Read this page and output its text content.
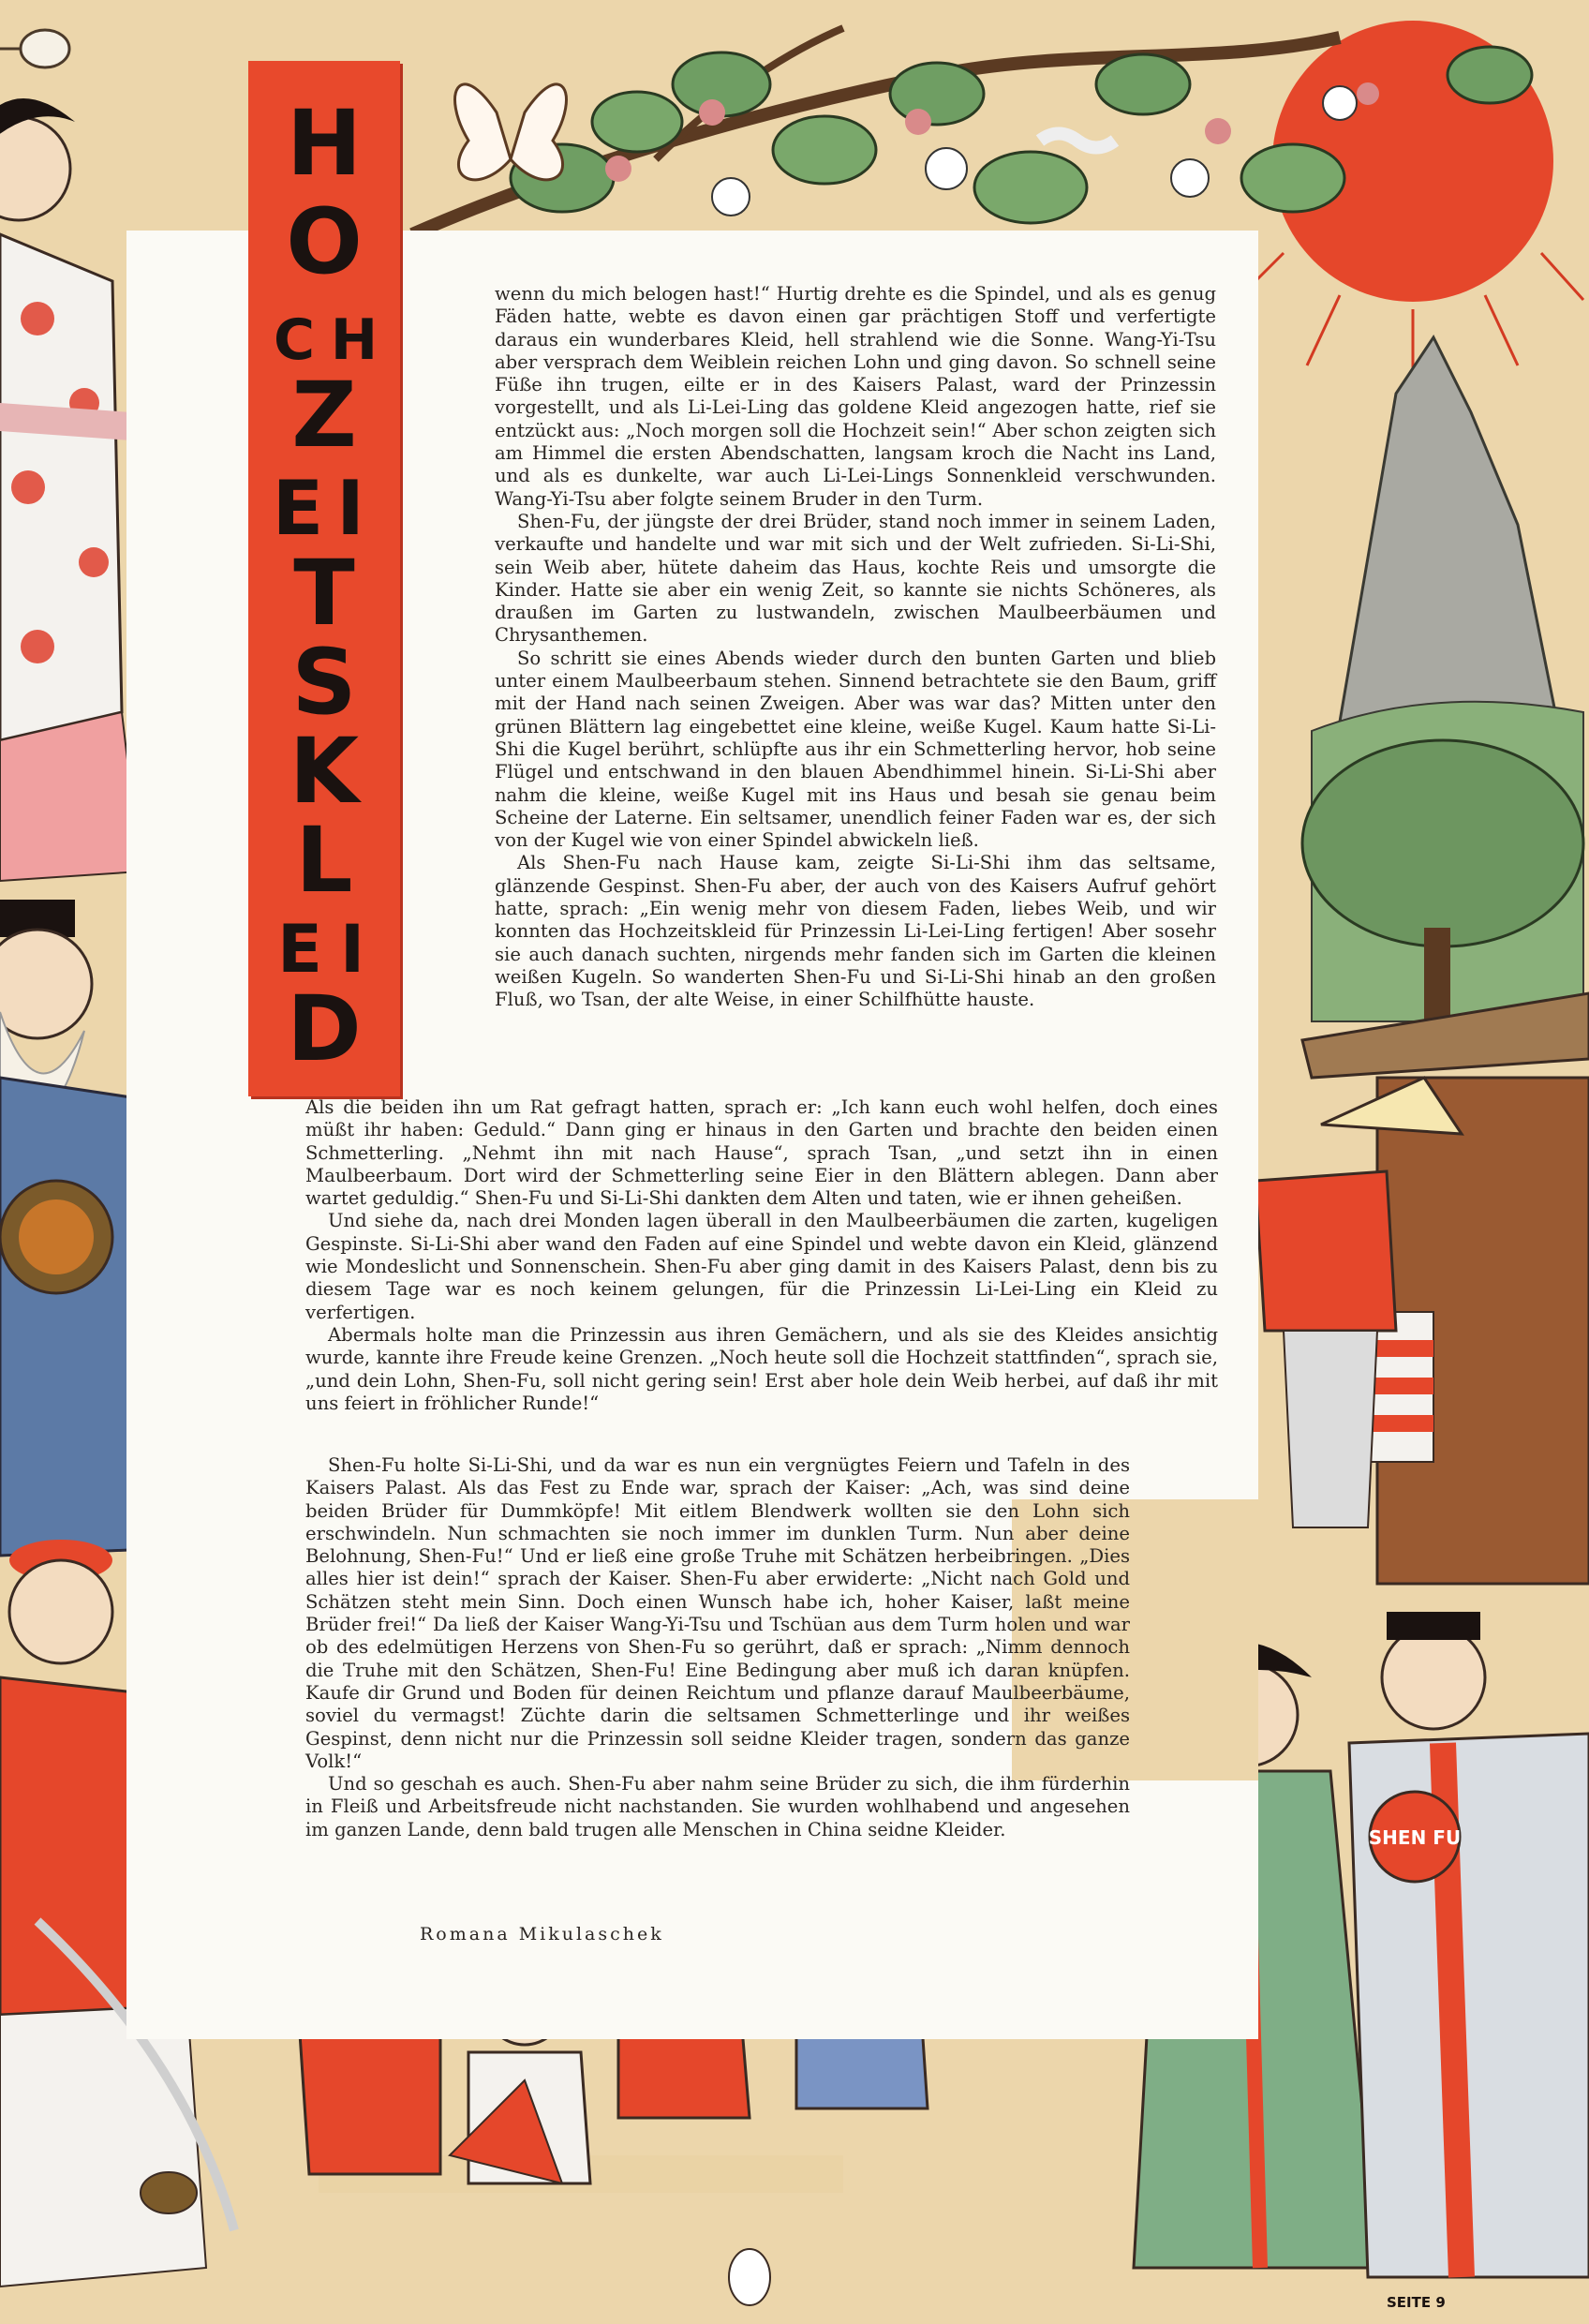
SHEN FU
H
O
C H
Z
E I
T
S
K
L
E I
D

wenn du mich belogen hast!“ Hurtig drehte es die Spindel, und als es genug Fäden hatte, webte es davon einen gar prächtigen Stoff und verfertigte daraus ein wunderbares Kleid, hell strahlend wie die Sonne. Wang-Yi-Tsu aber versprach dem Weiblein reichen Lohn und ging davon. So schnell seine Füße ihn trugen, eilte er in des Kaisers Palast, ward der Prinzessin vorgestellt, und als Li-Lei-Ling das goldene Kleid angezogen hatte, rief sie entzückt aus: „Noch morgen soll die Hochzeit sein!“ Aber schon zeigten sich am Himmel die ersten Abendschatten, langsam kroch die Nacht ins Land, und als es dunkelte, war auch Li-Lei-Lings Sonnenkleid verschwunden. Wang-Yi-Tsu aber folgte seinem Bruder in den Turm.

Shen-Fu, der jüngste der drei Brüder, stand noch immer in seinem Laden, verkaufte und handelte und war mit sich und der Welt zufrieden. Si-Li-Shi, sein Weib aber, hütete daheim das Haus, kochte Reis und umsorgte die Kinder. Hatte sie aber ein wenig Zeit, so kannte sie nichts Schöneres, als draußen im Garten zu lustwandeln, zwischen Maulbeerbäumen und Chrysanthemen.

So schritt sie eines Abends wieder durch den bunten Garten und blieb unter einem Maulbeerbaum stehen. Sinnend betrachtete sie den Baum, griff mit der Hand nach seinen Zweigen. Aber was war das? Mitten unter den grünen Blättern lag eingebettet eine kleine, weiße Kugel. Kaum hatte Si-Li-Shi die Kugel berührt, schlüpfte aus ihr ein Schmetterling hervor, hob seine Flügel und entschwand in den blauen Abendhimmel hinein. Si-Li-Shi aber nahm die kleine, weiße Kugel mit ins Haus und besah sie genau beim Scheine der Laterne. Ein seltsamer, unendlich feiner Faden war es, der sich von der Kugel wie von einer Spindel abwickeln ließ.

Als Shen-Fu nach Hause kam, zeigte Si-Li-Shi ihm das seltsame, glänzende Gespinst. Shen-Fu aber, der auch von des Kaisers Aufruf gehört hatte, sprach: „Ein wenig mehr von diesem Faden, liebes Weib, und wir konnten das Hochzeitskleid für Prinzessin Li-Lei-Ling fertigen! Aber sosehr sie auch danach suchten, nirgends mehr fanden sich im Garten die kleinen weißen Kugeln. So wanderten Shen-Fu und Si-Li-Shi hinab an den großen Fluß, wo Tsan, der alte Weise, in einer Schilfhütte hauste.

Als die beiden ihn um Rat gefragt hatten, sprach er: „Ich kann euch wohl helfen, doch eines müßt ihr haben: Geduld.“ Dann ging er hinaus in den Garten und brachte den beiden einen Schmetterling. „Nehmt ihn mit nach Hause“, sprach Tsan, „und setzt ihn in einen Maulbeerbaum. Dort wird der Schmetterling seine Eier in den Blättern ablegen. Dann aber wartet geduldig.“ Shen-Fu und Si-Li-Shi dankten dem Alten und taten, wie er ihnen geheißen.

Und siehe da, nach drei Monden lagen überall in den Maulbeerbäumen die zarten, kugeligen Gespinste. Si-Li-Shi aber wand den Faden auf eine Spindel und webte davon ein Kleid, glänzend wie Mondeslicht und Sonnenschein. Shen-Fu aber ging damit in des Kaisers Palast, denn bis zu diesem Tage war es noch keinem gelungen, für die Prinzessin Li-Lei-Ling ein Kleid zu verfertigen.

Abermals holte man die Prinzessin aus ihren Gemächern, und als sie des Kleides ansichtig wurde, kannte ihre Freude keine Grenzen. „Noch heute soll die Hochzeit stattfinden“, sprach sie, „und dein Lohn, Shen-Fu, soll nicht gering sein! Erst aber hole dein Weib herbei, auf daß ihr mit uns feiert in fröhlicher Runde!“

Shen-Fu holte Si-Li-Shi, und da war es nun ein vergnügtes Feiern und Tafeln in des Kaisers Palast. Als das Fest zu Ende war, sprach der Kaiser: „Ach, was sind deine beiden Brüder für Dummköpfe! Mit eitlem Blendwerk wollten sie den Lohn sich erschwindeln. Nun schmachten sie noch immer im dunklen Turm. Nun aber deine Belohnung, Shen-Fu!“ Und er ließ eine große Truhe mit Schätzen herbeibringen. „Dies alles hier ist dein!“ sprach der Kaiser. Shen-Fu aber erwiderte: „Nicht nach Gold und Schätzen steht mein Sinn. Doch einen Wunsch habe ich, hoher Kaiser, laßt meine Brüder frei!“ Da ließ der Kaiser Wang-Yi-Tsu und Tschüan aus dem Turm holen und war ob des edelmütigen Herzens von Shen-Fu so gerührt, daß er sprach: „Nimm dennoch die Truhe mit den Schätzen, Shen-Fu! Eine Bedingung aber muß ich daran knüpfen. Kaufe dir Grund und Boden für deinen Reichtum und pflanze darauf Maulbeerbäume, soviel du vermagst! Züchte darin die seltsamen Schmetterlinge und ihr weißes Gespinst, denn nicht nur die Prinzessin soll seidne Kleider tragen, sondern das ganze Volk!“

Und so geschah es auch. Shen-Fu aber nahm seine Brüder zu sich, die ihm fürderhin in Fleiß und Arbeitsfreude nicht nachstanden. Sie wurden wohlhabend und angesehen im ganzen Lande, denn bald trugen alle Menschen in China seidne Kleider.

Romana Mikulaschek
SEITE 9
